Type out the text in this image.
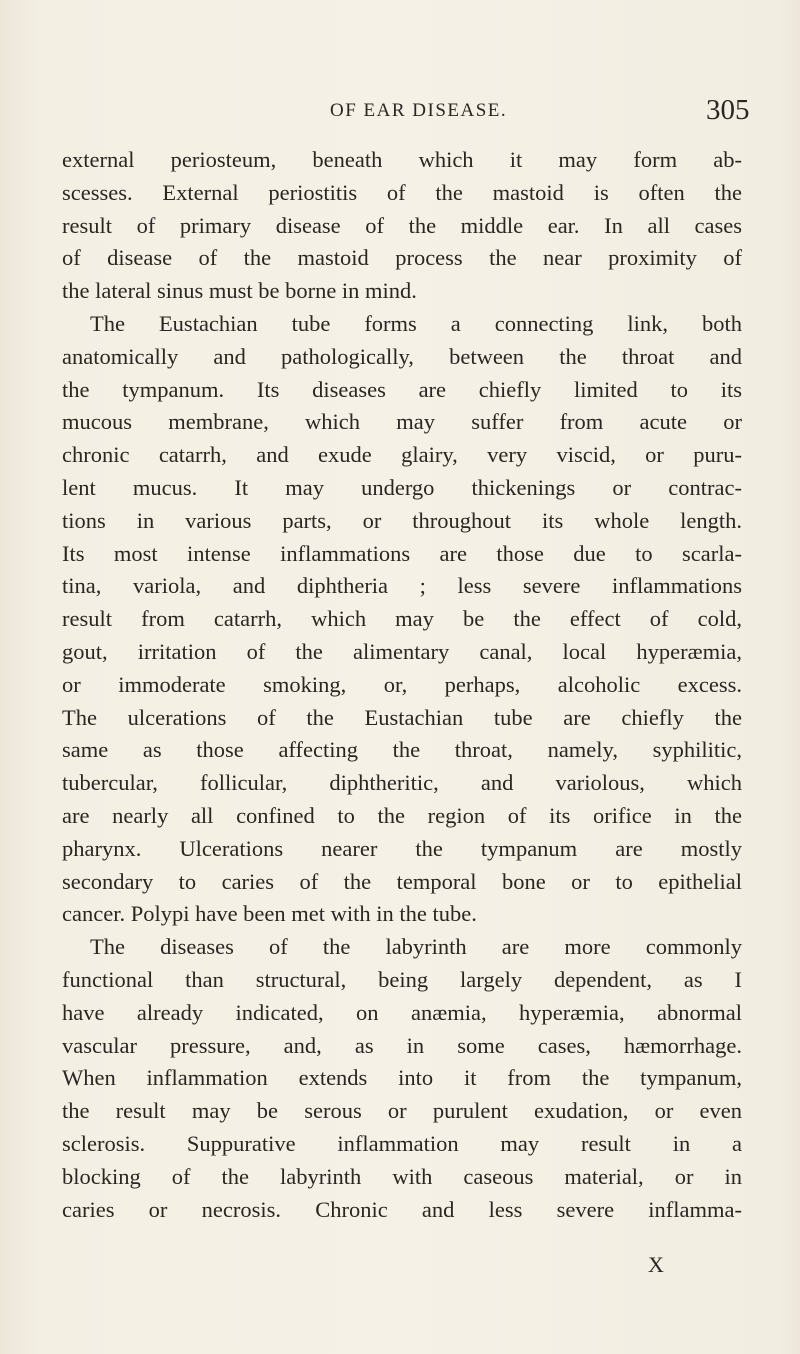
OF EAR DISEASE.	305
external periosteum, beneath which it may form ab-
scesses. External periostitis of the mastoid is often the
result of primary disease of the middle ear. In all cases
of disease of the mastoid process the near proximity of
the lateral sinus must be borne in mind.
The Eustachian tube forms a connecting link, both
anatomically and pathologically, between the throat and
the tympanum. Its diseases are chiefly limited to its
mucous membrane, which may suffer from acute or
chronic catarrh, and exude glairy, very viscid, or puru-
lent mucus. It may undergo thickenings or contrac-
tions in various parts, or throughout its whole length.
Its most intense inflammations are those due to scarla-
tina, variola, and diphtheria ; less severe inflammations
result from catarrh, which may be the effect of cold,
gout, irritation of the alimentary canal, local hyperæmia,
or immoderate smoking, or, perhaps, alcoholic excess.
The ulcerations of the Eustachian tube are chiefly the
same as those affecting the throat, namely, syphilitic,
tubercular, follicular, diphtheritic, and variolous, which
are nearly all confined to the region of its orifice in the
pharynx. Ulcerations nearer the tympanum are mostly
secondary to caries of the temporal bone or to epithelial
cancer. Polypi have been met with in the tube.
The diseases of the labyrinth are more commonly
functional than structural, being largely dependent, as I
have already indicated, on anæmia, hyperæmia, abnormal
vascular pressure, and, as in some cases, hæmorrhage.
When inflammation extends into it from the tympanum,
the result may be serous or purulent exudation, or even
sclerosis. Suppurative inflammation may result in a
blocking of the labyrinth with caseous material, or in
caries or necrosis. Chronic and less severe inflamma-
X
